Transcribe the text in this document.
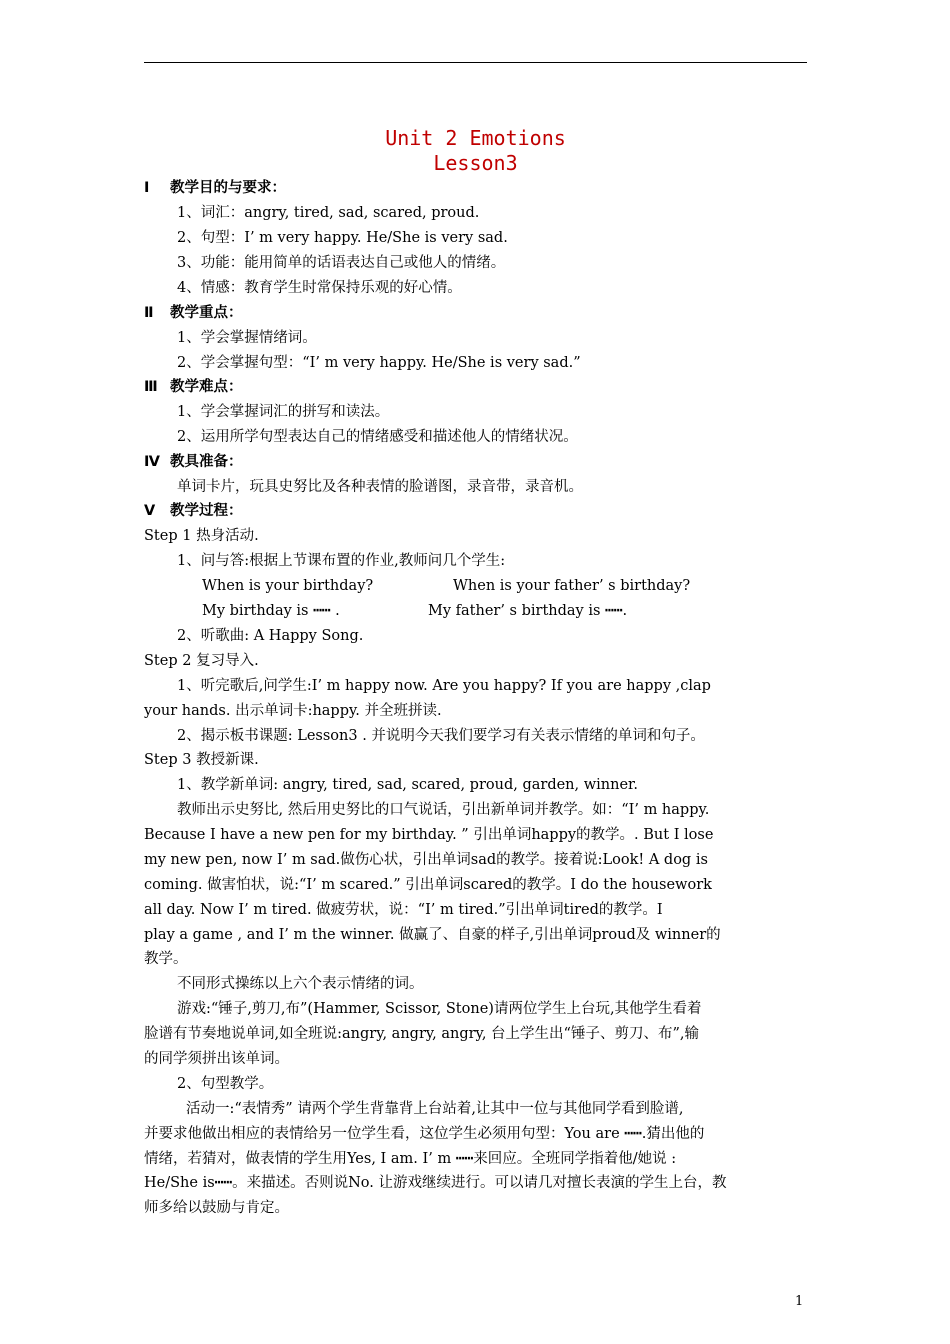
Unit 2 Emotions
Lesson3
Ⅰ 教学目的与要求：
1、词汇：angry, tired, sad, scared, proud.
2、句型：I’ m very happy. He/She is very sad.
3、功能：能用简单的话语表达自己或他人的情绪。
4、情感：教育学生时常保持乐观的好心情。
Ⅱ 教学重点：
1、学会掌握情绪词。
2、学会掌握句型：“I’ m very happy. He/She is very sad.”
Ⅲ 教学难点：
1、学会掌握词汇的拼写和读法。
2、运用所学句型表达自己的情绪感受和描述他人的情绪状况。
Ⅳ 教具准备：
单词卡片，玩具史努比及各种表情的脸谱图，录音带，录音机。
Ⅴ 教学过程：
Step 1 热身活动.
1、问与答:根据上节课布置的作业,教师问几个学生:
When is your birthday?	When is your father’ s birthday?
My birthday is ┅┅ .	My father’ s birthday is ┅┅.
2、听歌曲: A Happy Song.
Step 2 复习导入.
1、听完歌后,问学生:I’ m happy now. Are you happy? If you are happy ,clap
your hands. 出示单词卡:happy. 并全班拼读.
2、揭示板书课题: Lesson3 . 并说明今天我们要学习有关表示情绪的单词和句子。
Step 3 教授新课.
1、教学新单词: angry, tired, sad, scared, proud, garden, winner.
教师出示史努比, 然后用史努比的口气说话，引出新单词并教学。如：“I’ m happy.
Because I have a new pen for my birthday. ” 引出单词happy的教学。. But I lose
my new pen, now I’ m sad.做伤心状，引出单词sad的教学。接着说:Look! A dog is
coming. 做害怕状，说:“I’ m scared.” 引出单词scared的教学。I do the housework
all day. Now I’ m tired. 做疲劳状，说：“I’ m tired.”引出单词tired的教学。I
play a game , and I’ m the winner. 做赢了、自豪的样子,引出单词proud及 winner的
教学。
不同形式操练以上六个表示情绪的词。
游戏:“锤子,剪刀,布”(Hammer, Scissor, Stone)请两位学生上台玩,其他学生看着
脸谱有节奏地说单词,如全班说:angry, angry, angry, 台上学生出“锤子、剪刀、布”,输
的同学须拼出该单词。
2、句型教学。
活动一:“表情秀” 请两个学生背靠背上台站着,让其中一位与其他同学看到脸谱,
并要求他做出相应的表情给另一位学生看，这位学生必须用句型：You are ┅┅.猜出他的
情绪，若猜对，做表情的学生用Yes, I am. I’ m ┅┅来回应。全班同学指着他/她说 :
He/She is┅┅。来描述。否则说No. 让游戏继续进行。可以请几对擅长表演的学生上台，教
师多给以鼓励与肯定。
1
